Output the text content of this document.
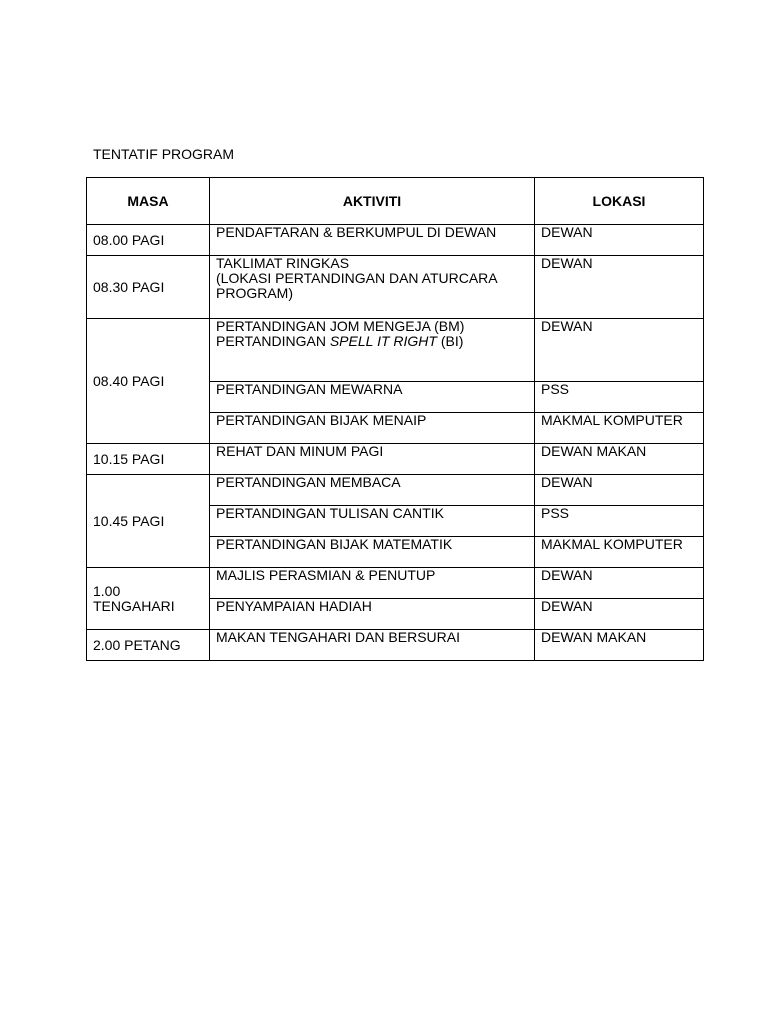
TENTATIF PROGRAM
MASA	AKTIVITI	LOKASI

08.00 PAGI	PENDAFTARAN & BERKUMPUL DI DEWAN	DEWAN

08.30 PAGI	TAKLIMAT RINGKAS
(LOKASI PERTANDINGAN DAN ATURCARA
PROGRAM)	DEWAN

08.40 PAGI	PERTANDINGAN JOM MENGEJA (BM)
PERTANDINGAN SPELL IT RIGHT (BI)	DEWAN

	PERTANDINGAN MEWARNA	PSS

	PERTANDINGAN BIJAK MENAIP	MAKMAL KOMPUTER

10.15 PAGI	REHAT DAN MINUM PAGI	DEWAN MAKAN

10.45 PAGI	PERTANDINGAN MEMBACA	DEWAN

	PERTANDINGAN TULISAN CANTIK	PSS

	PERTANDINGAN BIJAK MATEMATIK	MAKMAL KOMPUTER

1.00
TENGAHARI	MAJLIS PERASMIAN & PENUTUP	DEWAN

	PENYAMPAIAN HADIAH	DEWAN

2.00 PETANG	MAKAN TENGAHARI DAN BERSURAI	DEWAN MAKAN
